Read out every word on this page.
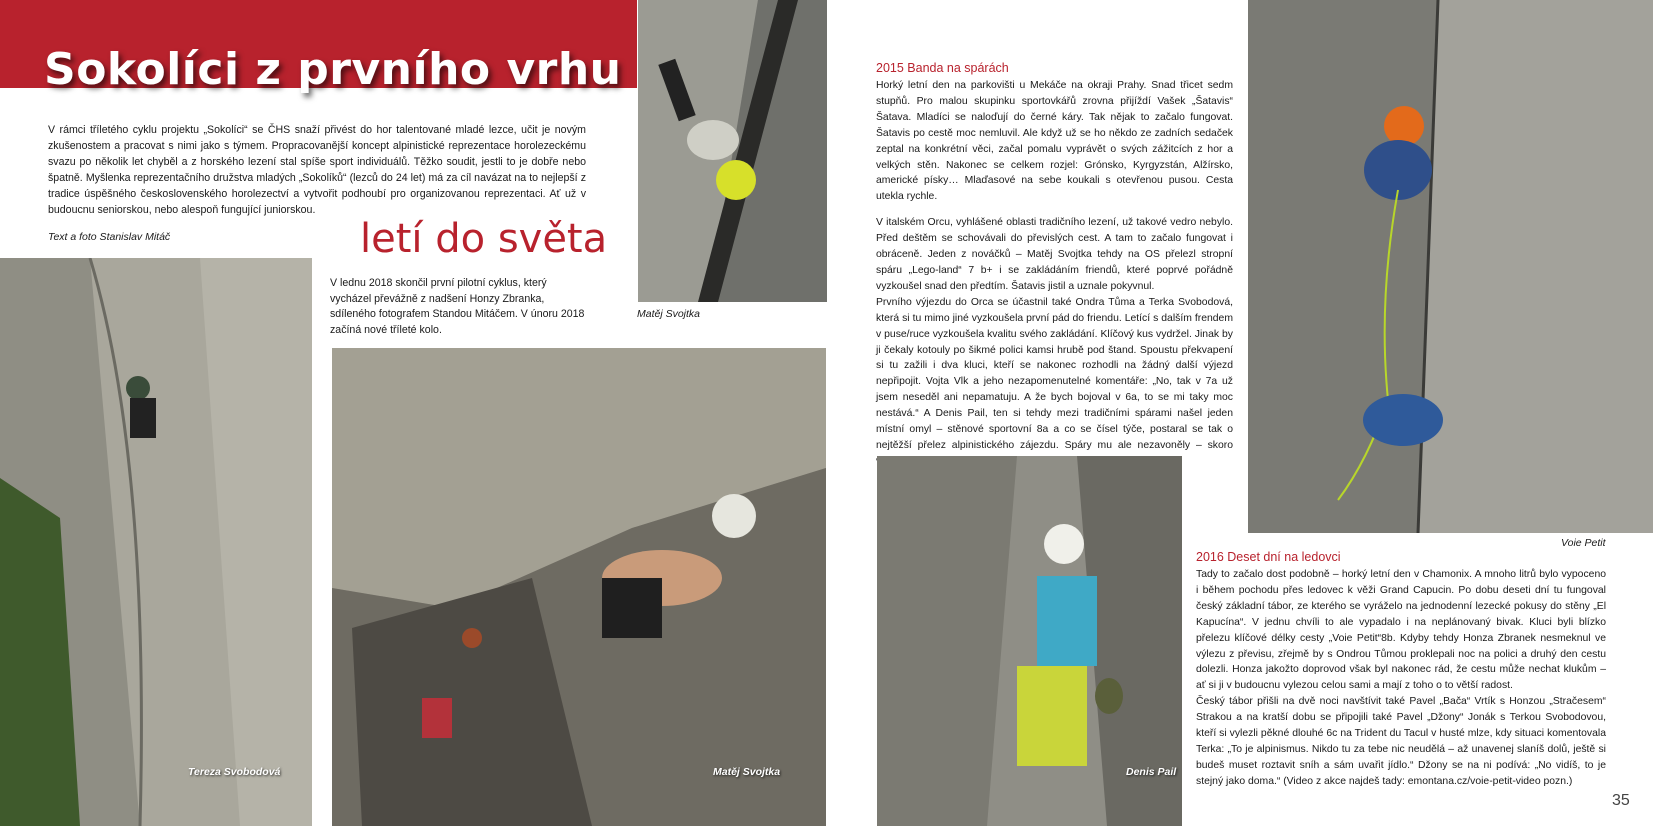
Sokolíci z prvního vrhu
V rámci tříletého cyklu projektu „Sokolíci“ se ČHS snaží přivést do hor talentované mladé lezce, učit je novým zkušenostem a pracovat s nimi jako s týmem. Propracovanější koncept alpinistické reprezentace horolezeckému svazu po několik let chyběl a z horského lezení stal spíše sport individuálů. Těžko soudit, jestli to je dobře nebo špatně. Myšlenka reprezentačního družstva mladých „Sokolíků“ (lezců do 24 let) má za cíl navázat na to nejlepší z tradice úspěšného československého horolezectví a vytvořit podhoubí pro organizovanou reprezentaci. Ať už v budoucnu seniorskou, nebo alespoň fungující juniorskou.
Text a foto Stanislav Mitáč	letí do světa
V lednu 2018 skončil první pilotní cyklus, který vycházel převážně z nadšení Honzy Zbranka, sdíleného fotografem Standou Mitáčem. V únoru 2018 začíná nové tříleté kolo.
Matěj Svojtka
Tereza Svobodová	Matěj Svojtka
2015 Banda na spárách

Horký letní den na parkovišti u Mekáče na okraji Prahy. Snad třicet sedm stupňů. Pro malou skupinku sportovkářů zrovna přijíždí Vašek „Šatavis“ Šatava. Mladíci se naloďují do černé káry. Tak nějak to začalo fungovat. Šatavis po cestě moc nemluvil. Ale když už se ho někdo ze zadních sedaček zeptal na konkrétní věci, začal pomalu vyprávět o svých zážitcích z hor a velkých stěn. Nakonec se celkem rozjel: Grónsko, Kyrgyzstán, Alžírsko, americké písky… Mlaďasové na sebe koukali s otevřenou pusou. Cesta utekla rychle.

V italském Orcu, vyhlášené oblasti tradičního lezení, už takové vedro nebylo. Před deštěm se schovávali do převislých cest. A tam to začalo fungovat i obráceně. Jeden z nováčků – Matěj Svojtka tehdy na OS přelezl stropní spáru „Lego-land“ 7 b+ i se zakládáním friendů, které poprvé pořádně vyzkoušel snad den předtím. Šatavis jistil a uznale pokyvnul.

Prvního výjezdu do Orca se účastnil také Ondra Tůma a Terka Svobodová, která si tu mimo jiné vyzkoušela první pád do friendu. Letící s dalším frendem v puse/ruce vyzkoušela kvalitu svého zakládání. Klíčový kus vydržel. Jinak by ji čekaly kotouly po šikmé polici kamsi hrubě pod štand. Spoustu překvapení si tu zažili i dva kluci, kteří se nakonec rozhodli na žádný další výjezd nepřipojit. Vojta Vlk a jeho nezapomenutelné komentáře: „No, tak v 7a už jsem neseděl ani nepamatuju. A že bych bojoval v 6a, to se mi taky moc nestává.“ A Denis Pail, ten si tehdy mezi tradičními spárami našel jeden místní omyl – stěnové sportovní 8a a co se čísel týče, postaral se tak o nejtěžší přelez alpinistického zájezdu. Spáry mu ale nezavoněly – skoro

Voie Petit
Denis Pail
2016 Deset dní na ledovci

Tady to začalo dost podobně – horký letní den v Chamonix. A mnoho litrů bylo vypoceno i během pochodu přes ledovec k věži Grand Capucin. Po dobu deseti dní tu fungoval český základní tábor, ze kterého se vyráželo na jednodenní lezecké pokusy do stěny „El Kapucína“. V jednu chvíli to ale vypadalo i na neplánovaný bivak. Kluci byli blízko přelezu klíčové délky cesty „Voie Petit“8b. Kdyby tehdy Honza Zbranek nesmeknul ve výlezu z převisu, zřejmě by s Ondrou Tůmou proklepali noc na polici a druhý den cestu dolezli. Honza jakožto doprovod však byl nakonec rád, že cestu může nechat klukům – ať si ji v budoucnu vylezou celou sami a mají z toho o to větší radost.

Český tábor přišli na dvě noci navštívit také Pavel „Bača“ Vrtík s Honzou „Stračesem“ Strakou a na kratší dobu se připojili také Pavel „Džony“ Jonák s Terkou Svobodovou, kteří si vylezli pěkné dlouhé 6c na Trident du Tacul v husté mlze, kdy situaci komentovala Terka: „To je alpinismus. Nikdo tu za tebe nic neudělá – až unavenej slaníš dolů, ještě si budeš muset roztavit sníh a sám uvařit jídlo.“ Džony se na ni podívá: „No vidíš, to je stejný jako doma.“ (Video z akce najdeš tady: emontana.cz/voie-petit-video pozn.)

35
